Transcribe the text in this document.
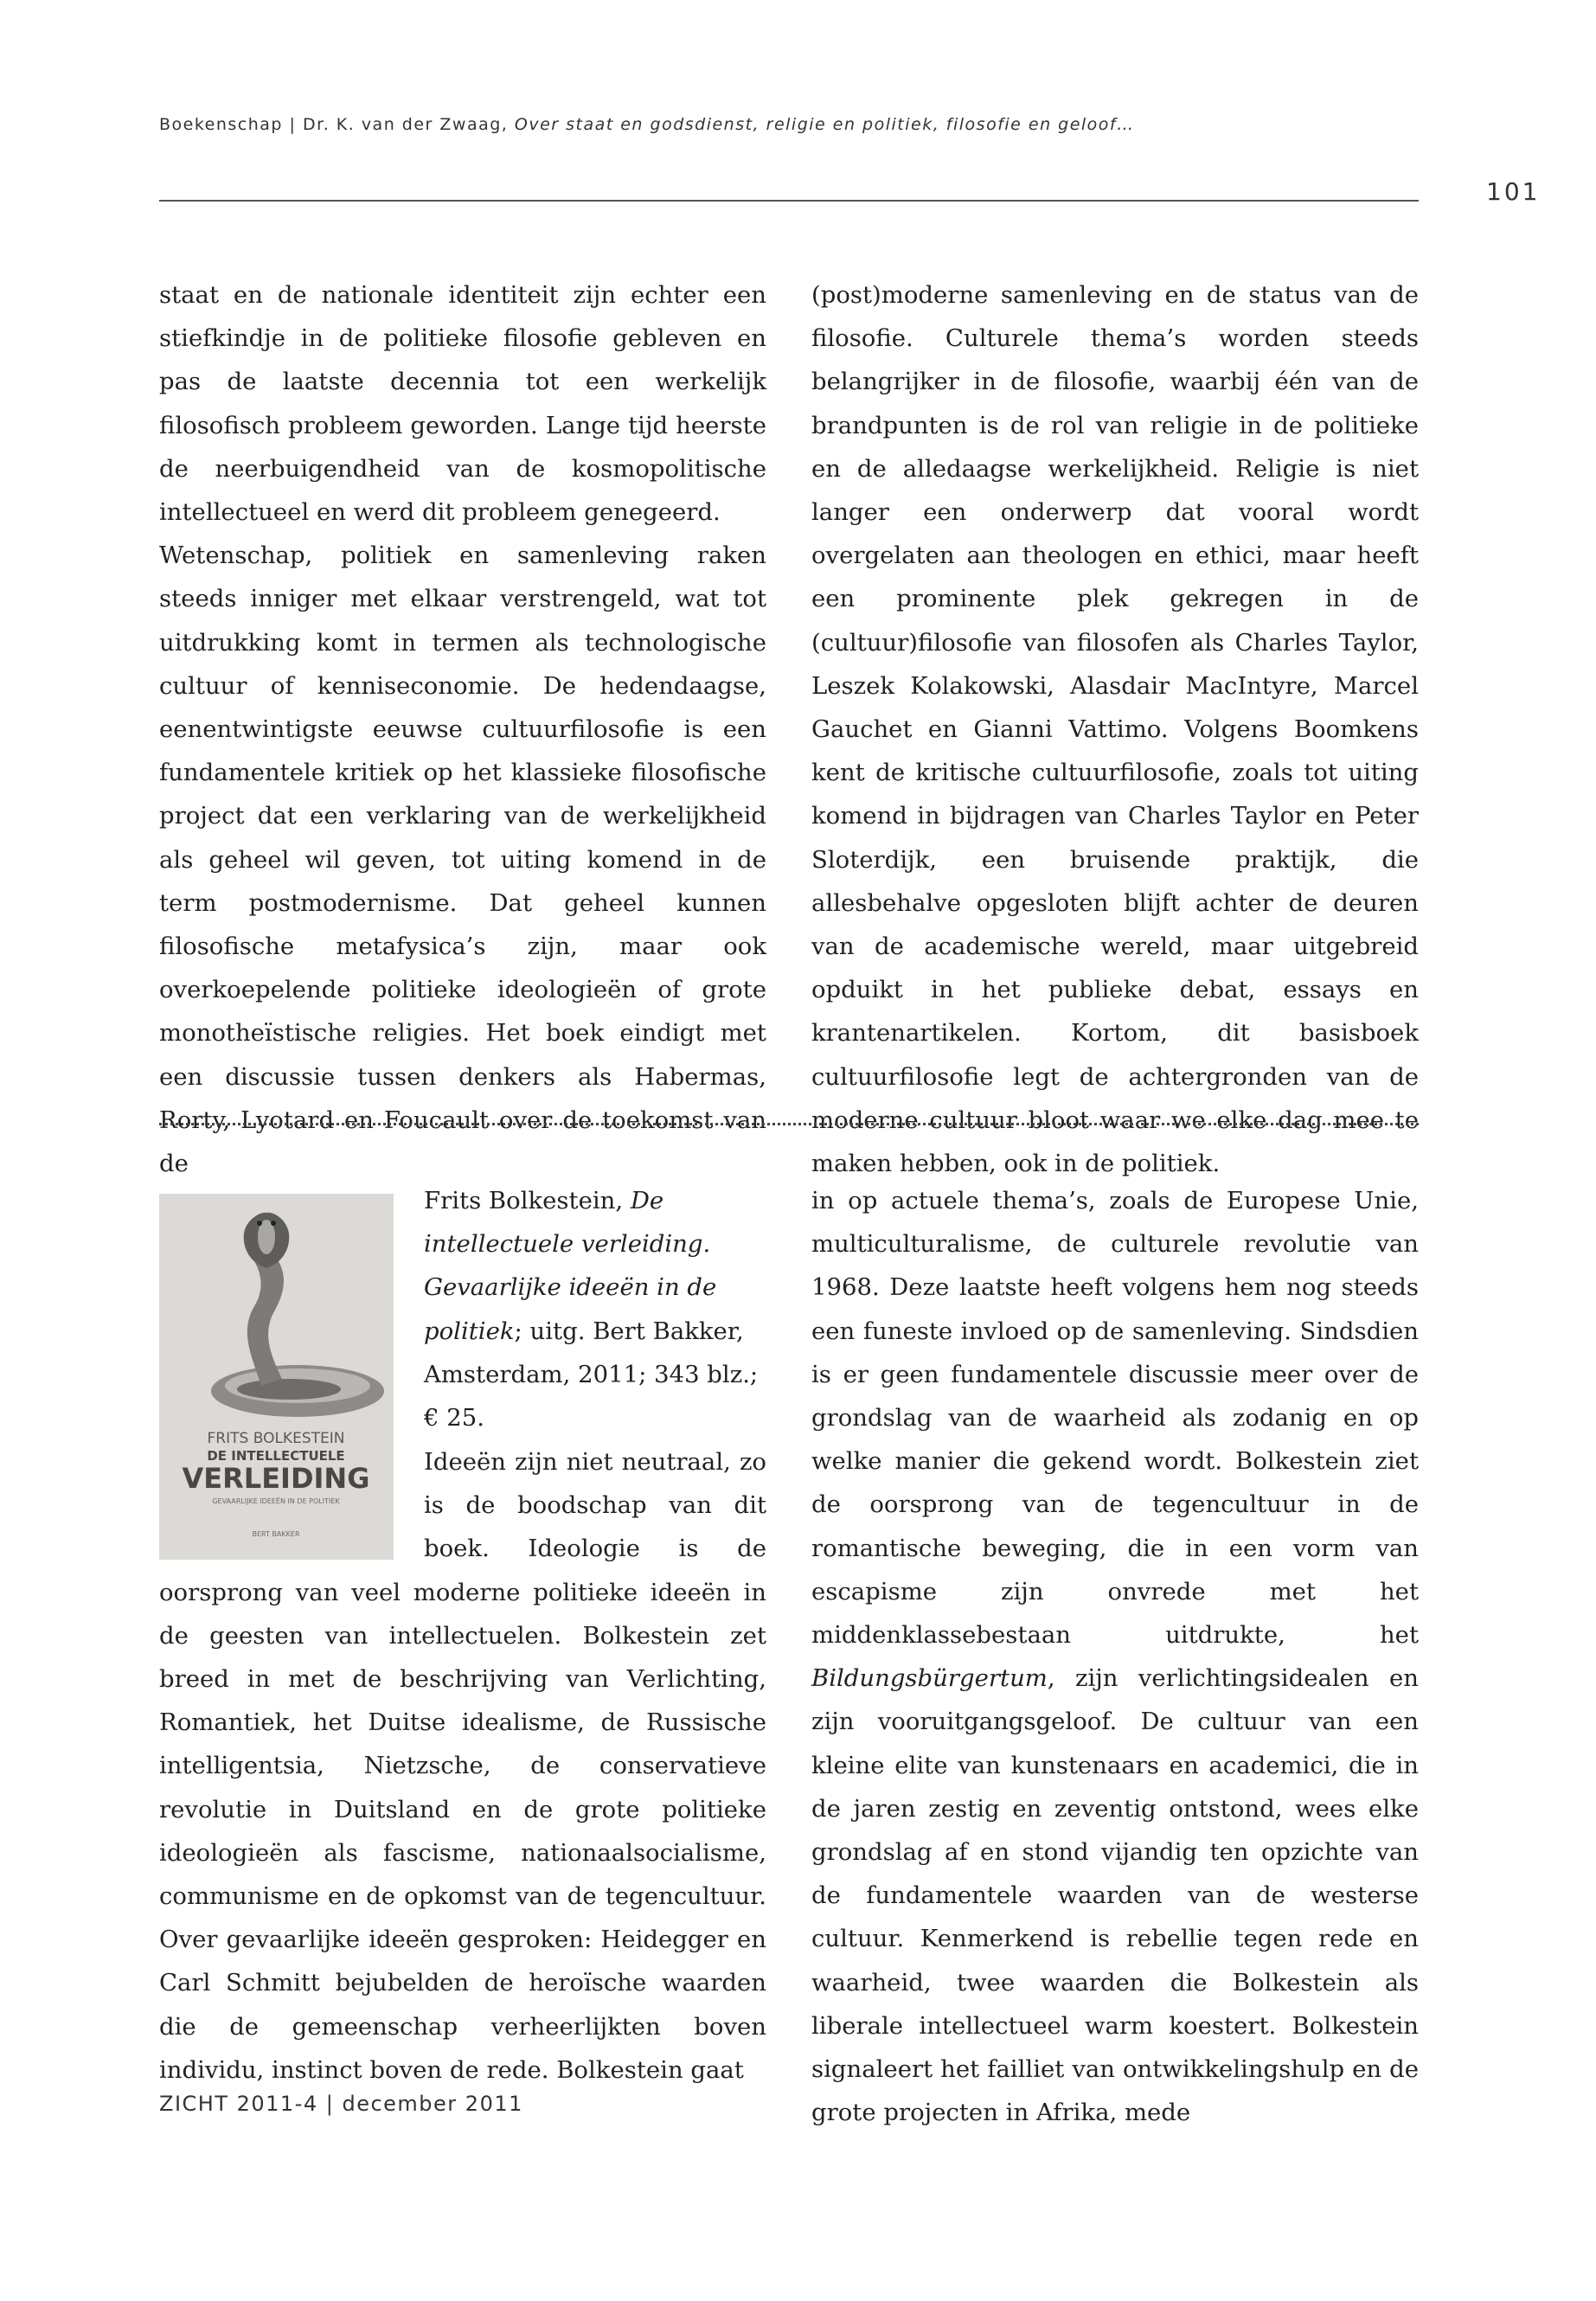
Boekenschap | Dr. K. van der Zwaag, Over staat en godsdienst, religie en politiek, filosofie en geloof…
101

staat en de nationale identiteit zijn echter een stiefkindje in de politieke filosofie gebleven en pas de laatste decennia tot een werkelijk filosofisch probleem geworden. Lange tijd heerste de neerbuigendheid van de kosmopolitische intellectueel en werd dit probleem genegeerd.

Wetenschap, politiek en samenleving raken steeds inniger met elkaar verstrengeld, wat tot uitdrukking komt in termen als technologische cultuur of kenniseconomie. De hedendaagse, eenentwintigste eeuwse cultuurfilosofie is een fundamentele kritiek op het klassieke filosofische project dat een verklaring van de werkelijkheid als geheel wil geven, tot uiting komend in de term postmodernisme. Dat geheel kunnen filosofische metafysica’s zijn, maar ook overkoepelende politieke ideologieën of grote monotheïstische religies. Het boek eindigt met een discussie tussen denkers als Habermas, Rorty, Lyotard en Foucault over de toekomst van de

(post)moderne samenleving en de status van de filosofie. Culturele thema’s worden steeds belangrijker in de filosofie, waarbij één van de brandpunten is de rol van religie in de politieke en de alledaagse werkelijkheid. Religie is niet langer een onderwerp dat vooral wordt overgelaten aan theologen en ethici, maar heeft een prominente plek gekregen in de (cultuur)filosofie van filosofen als Charles Taylor, Leszek Kolakowski, Alasdair MacIntyre, Marcel Gauchet en Gianni Vattimo. Volgens Boomkens kent de kritische cultuurfilosofie, zoals tot uiting komend in bijdragen van Charles Taylor en Peter Sloterdijk, een bruisende praktijk, die allesbehalve opgesloten blijft achter de deuren van de academische wereld, maar uitgebreid opduikt in het publieke debat, essays en krantenartikelen. Kortom, dit basisboek cultuurfilosofie legt de achtergronden van de moderne cultuur bloot waar we elke dag mee te maken hebben, ook in de politiek.

FRITS BOLKESTEIN
DE INTELLECTUELE
VERLEIDING
GEVAARLIJKE IDEEËN IN DE POLITIEK
BERT BAKKER
Frits Bolkestein, De intellectuele verleiding. Gevaarlijke ideeën in de politiek; uitg. Bert Bakker, Amsterdam, 2011; 343 blz.; € 25.

Ideeën zijn niet neutraal, zo is de boodschap van dit boek. Ideologie is de oorsprong van veel moderne politieke ideeën in de geesten van intellectuelen. Bolkestein zet breed in met de beschrijving van Verlichting, Romantiek, het Duitse idealisme, de Russische intelligentsia, Nietzsche, de conservatieve revolutie in Duitsland en de grote politieke ideologieën als fascisme, nationaalsocialisme, communisme en de opkomst van de tegencultuur. Over gevaarlijke ideeën gesproken: Heidegger en Carl Schmitt bejubelden de heroïsche waarden die de gemeenschap verheerlijkten boven individu, instinct boven de rede. Bolkestein gaat

in op actuele thema’s, zoals de Europese Unie, multiculturalisme, de culturele revolutie van 1968. Deze laatste heeft volgens hem nog steeds een funeste invloed op de samenleving. Sindsdien is er geen fundamentele discussie meer over de grondslag van de waarheid als zodanig en op welke manier die gekend wordt. Bolkestein ziet de oorsprong van de tegencultuur in de romantische beweging, die in een vorm van escapisme zijn onvrede met het middenklassebestaan uitdrukte, het Bildungsbürgertum, zijn verlichtingsidealen en zijn vooruitgangsgeloof. De cultuur van een kleine elite van kunstenaars en academici, die in de jaren zestig en zeventig ontstond, wees elke grondslag af en stond vijandig ten opzichte van de fundamentele waarden van de westerse cultuur. Kenmerkend is rebellie tegen rede en waarheid, twee waarden die Bolkestein als liberale intellectueel warm koestert. Bolkestein signaleert het failliet van ontwikkelingshulp en de grote projecten in Afrika, mede

ZICHT 2011-4 | december 2011
